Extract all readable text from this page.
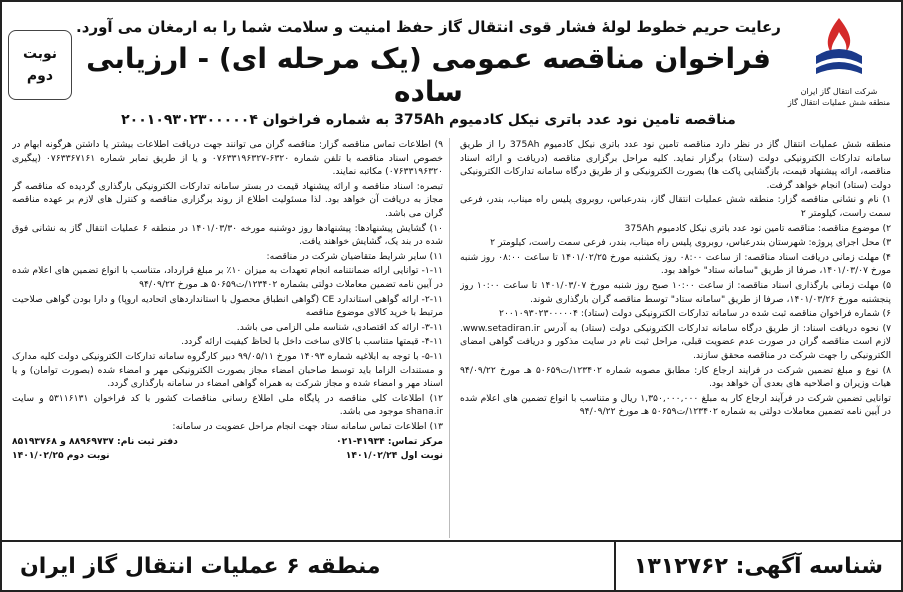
شرکت انتقال گاز ایران
منطقه شش عملیات انتقال گاز
نوبت
دوم
رعایت حریم خطوط لولهٔ فشار قوی انتقال گاز حفظ امنیت و سلامت شما را به ارمغان می آورد.
فراخوان مناقصه عمومی (یک مرحله ای) - ارزیابی ساده
مناقصه تامین نود عدد باتری نیکل کادمیوم 375Ah به شماره فراخوان ۲۰۰۱۰۹۳۰۲۳۰۰۰۰۰۴

منطقه شش عملیات انتقال گاز در نظر دارد مناقصه تامین نود عدد باتری نیکل کادمیوم 375Ah را از طریق سامانه تدارکات الکترونیکی دولت (ستاد) برگزار نماید. کلیه مراحل برگزاری مناقصه (دریافت و ارائه اسناد مناقصه، ارائه پیشنهاد قیمت، بازگشایی پاکت ها) بصورت الکترونیکی و از طریق درگاه سامانه تدارکات الکترونیکی دولت (ستاد) انجام خواهد گرفت.

۱) نام و نشانی مناقصه گزار: منطقه شش عملیات انتقال گاز، بندرعباس، روبروی پلیس راه میناب، بندر، فرعی سمت راست، کیلومتر ۲

۲) موضوع مناقصه: مناقصه تامین نود عدد باتری نیکل کادمیوم 375Ah

۳) محل اجرای پروژه: شهرستان بندرعباس، روبروی پلیس راه میناب، بندر، فرعی سمت راست، کیلومتر ۲

۴) مهلت زمانی دریافت اسناد مناقصه: از ساعت ۰۸:۰۰ روز یکشنبه مورخ ۱۴۰۱/۰۲/۲۵ تا ساعت ۰۸:۰۰ روز شنبه مورخ ۱۴۰۱/۰۳/۰۷، صرفا از طریق "سامانه ستاد" خواهد بود.

۵) مهلت زمانی بارگذاری اسناد مناقصه: از ساعت ۱۰:۰۰ صبح روز شنبه مورخ ۱۴۰۱/۰۳/۰۷ تا ساعت ۱۰:۰۰ روز پنجشنبه مورخ ۱۴۰۱/۰۳/۲۶، صرفا از طریق "سامانه ستاد" توسط مناقصه گران بارگذاری شوند.

۶) شماره فراخوان مناقصه ثبت شده در سامانه تدارکات الکترونیکی دولت (ستاد): ۲۰۰۱۰۹۳۰۲۳۰۰۰۰۰۴

۷) نحوه دریافت اسناد: از طریق درگاه سامانه تدارکات الکترونیکی دولت (ستاد) به آدرس www.setadiran.ir. لازم است مناقصه گران در صورت عدم عضویت قبلی، مراحل ثبت نام در سایت مذکور و دریافت گواهی امضای الکترونیکی را جهت شرکت در مناقصه محقق سازند.

۸) نوع و مبلغ تضمین شرکت در فرایند ارجاع کار: مطابق مصوبه شماره ۱۲۳۴۰۲/ت۵۰۶۵۹ هـ مورخ ۹۴/۰۹/۲۲ هیات وزیران و اصلاحیه های بعدی آن خواهد بود.

توانایی تضمین شرکت در فرآیند ارجاع کار به مبلغ ۱,۳۵۰,۰۰۰,۰۰۰ ریال و متناسب با انواع تضمین های اعلام شده در آیین نامه تضمین معاملات دولتی به شماره ۱۲۳۴۰۲/ت۵۰۶۵۹ هـ مورخ ۹۴/۰۹/۲۲

۹) اطلاعات تماس مناقصه گزار: مناقصه گران می توانند جهت دریافت اطلاعات بیشتر یا داشتن هرگونه ابهام در خصوص اسناد مناقصه با تلفن شماره ۶۳۲۰-۰۷۶۳۳۱۹۶۳۲۷ و یا از طریق نمابر شماره ۰۷۶۳۳۶۷۱۶۱ (پیگیری ۰۷۶۳۳۱۹۶۳۲۰) مکاتبه نمایند.

تبصره: اسناد مناقصه و ارائه پیشنهاد قیمت در بستر سامانه تدارکات الکترونیکی بارگذاری گردیده که مناقصه گر مجاز به دریافت آن خواهد بود. لذا مسئولیت اطلاع از روند برگزاری مناقصه و کنترل های لازم بر عهده مناقصه گران می باشد.

۱۰) گشایش پیشنهادها: پیشنهادها روز دوشنبه مورخه ۱۴۰۱/۰۳/۳۰ در منطقه ۶ عملیات انتقال گاز به نشانی فوق شده در بند یک، گشایش خواهند یافت.

۱۱) سایر شرایط متقاضیان شرکت در مناقصه:

۱-۱۱- توانایی ارائه ضمانتنامه انجام تعهدات به میزان ۱۰٪ بر مبلغ قرارداد، متناسب با انواع تضمین های اعلام شده در آیین نامه تضمین معاملات دولتی بشماره ۱۲۳۴۰۲/ت۵۰۶۵۹ هـ مورخ ۹۴/۰۹/۲۲

۲-۱۱- ارائه گواهی استاندارد CE (گواهی انطباق محصول با استانداردهای اتحادیه اروپا) و دارا بودن گواهی صلاحیت مرتبط با خرید کالای موضوع مناقصه

۳-۱۱- ارائه کد اقتصادی، شناسه ملی الزامی می باشد.

۴-۱۱- قیمتها متناسب با کالای ساخت داخل با لحاظ کیفیت ارائه گردد.

۵-۱۱- با توجه به ابلاغیه شماره ۱۴۰۹۳ مورخ ۹۹/۰۵/۱۱ دبیر کارگروه سامانه تدارکات الکترونیکی دولت کلیه مدارک و مستندات الزاما باید توسط صاحبان امضاء مجاز بصورت الکترونیکی مهر و امضاء شده (بصورت توامان) و یا اسناد مهر و امضاء شده و مجاز شرکت به همراه گواهی امضاء در سامانه بارگذاری گردد.

۱۲) اطلاعات کلی مناقصه در پایگاه ملی اطلاع رسانی مناقصات کشور با کد فراخوان ۵۳۱۱۶۱۳۱ و سایت shana.ir موجود می باشد.

۱۳) اطلاعات تماس سامانه ستاد جهت انجام مراحل عضویت در سامانه:

مرکز تماس: ۴۱۹۳۴-۰۲۱
دفتر ثبت نام: ۸۸۹۶۹۷۳۷ و ۸۵۱۹۳۷۶۸
نوبت اول ۱۴۰۱/۰۲/۲۴
نوبت دوم ۱۴۰۱/۰۲/۲۵
شناسه آگهی: ۱۳۱۲۷۶۲
منطقه ۶ عملیات انتقال گاز ایران
